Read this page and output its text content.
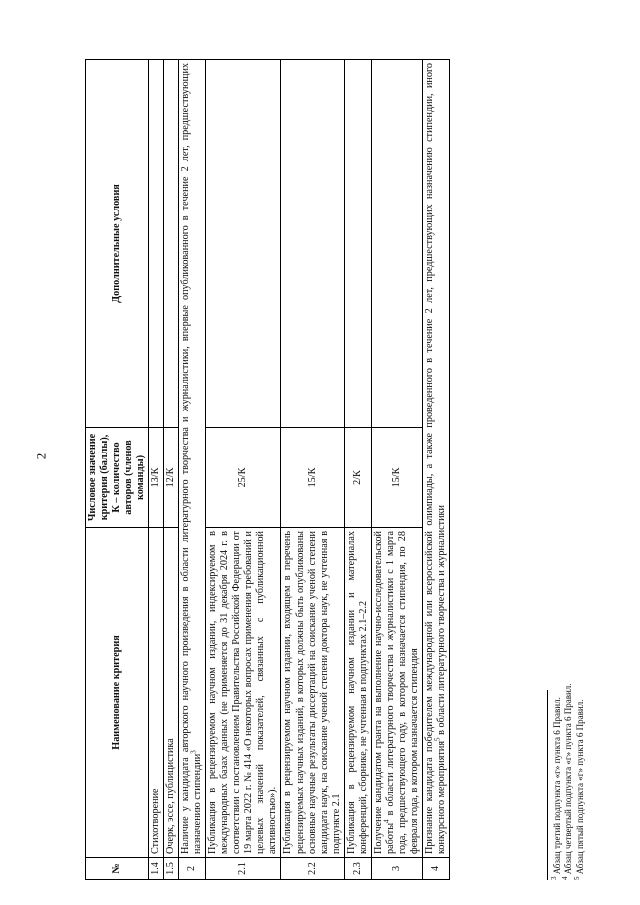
2
№	Наименование критерия	Числовое значение критерия (баллы), К – количество авторов (членов команды)	Дополнительные условия
1.4	Стихотворение	13/К	
1.5	Очерк, эссе, публицистика	12/К	
2	Наличие у кандидата авторского научного произведения в области литературного творчества и журналистики, впервые опубликованного в течение 2 лет, предшествующих назначению стипендии$^3$
2.1	Публикация в рецензируемом научном издании, индексируемом в международных базах данных (не применяется до 31 декабря 2024 г. в соответствии с постановлением Правительства Российской Федерации от 19 марта 2022 г. № 414 «О некоторых вопросах применения требований и целевых значений показателей, связанных с публикационной активностью»).	25/К	
2.2	Публикация в рецензируемом научном издании, входящем в перечень рецензируемых научных изданий, в которых должны быть опубликованы основные научные результаты диссертаций на соискание ученой степени кандидата наук, на соискание ученой степени доктора наук, не учтенная в подпункте 2.1	15/К	
2.3	Публикация в рецензируемом научном издании и материалах конференций, сборнике, не учтенная в подпунктах 2.1–2.2	2/К	
3	Получение кандидатом гранта на выполнение научно-исследовательской работы$^4$ в области литературного творчества и журналистики с 1 марта года, предшествующего году, в котором назначается стипендия, по 28 февраля года, в котором назначается стипендия	15/К	
4	Признание кандидата победителем международной или всероссийской олимпиады, а также проведенного в течение 2 лет, предшествующих назначению стипендии, иного конкурсного мероприятия$^5$ в области литературного творчества и журналистики		
$^3$ Абзац третий подпункта «г» пункта 6 Правил.
$^4$ Абзац четвертый подпункта «г» пункта 6 Правил.
$^5$ Абзац пятый подпункта «г» пункта 6 Правил.
